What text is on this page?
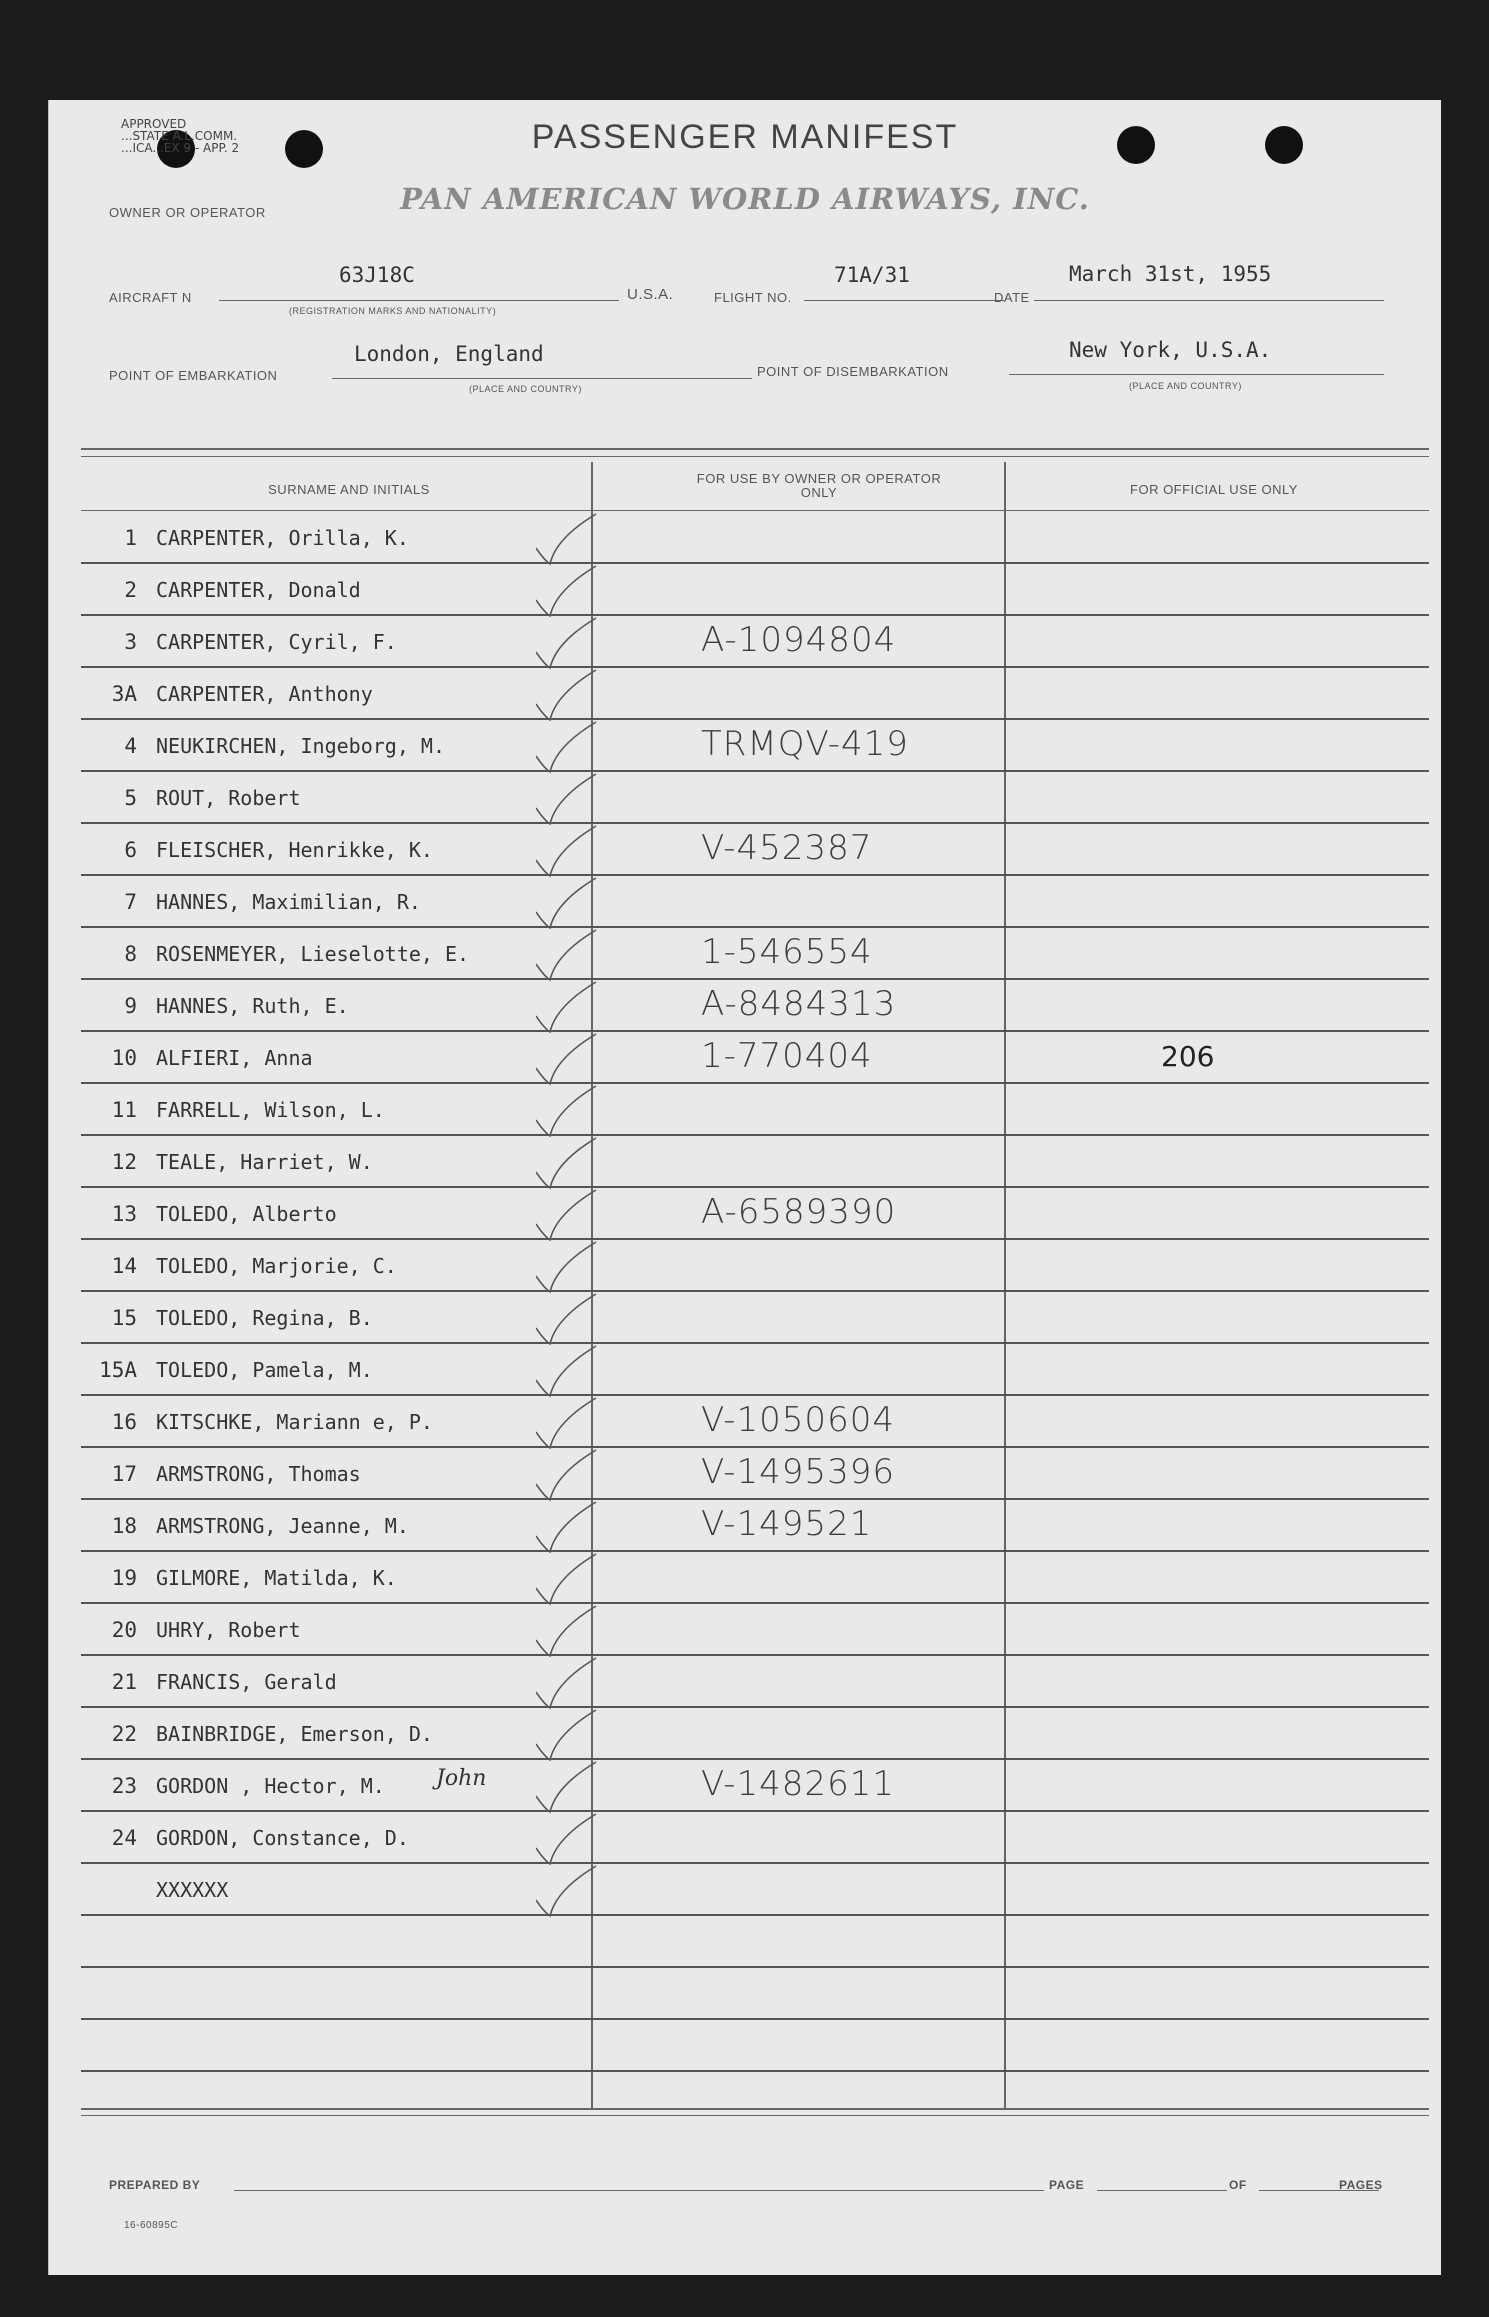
APPROVED
...STATE A.L.COMM.
...ICA...EX 9 - APP. 2	PASSENGER MANIFEST
PAN AMERICAN WORLD AIRWAYS, INC.
OWNER OR OPERATOR
AIRCRAFT N
63J18C
(REGISTRATION MARKS AND NATIONALITY)
U.S.A.	FLIGHT NO.
71A/31
DATE
March 31st, 1955
POINT OF EMBARKATION
London, England
(PLACE AND COUNTRY)
POINT OF DISEMBARKATION
New York, U.S.A.
(PLACE AND COUNTRY)
SURNAME AND INITIALS
FOR USE BY OWNER OR OPERATOR ONLY	FOR OFFICIAL USE ONLY
1 CARPENTER, Orilla, K.
2 CARPENTER, Donald
3 CARPENTER, Cyril, F.	A-1094804
3A CARPENTER, Anthony
4 NEUKIRCHEN, Ingeborg, M.	TRMQV-419
5 ROUT, Robert
6 FLEISCHER, Henrikke, K.	V-452387
7 HANNES, Maximilian, R.
8 ROSENMEYER, Lieselotte, E.	1-546554
9 HANNES, Ruth, E.	A-8484313
10 ALFIERI, Anna	1-770404	206
11 FARRELL, Wilson, L.
12 TEALE, Harriet, W.
13 TOLEDO, Alberto	A-6589390
14 TOLEDO, Marjorie, C.
15 TOLEDO, Regina, B.
15A TOLEDO, Pamela, M.
16 KITSCHKE, Mariann e, P.	V-1050604
17 ARMSTRONG, Thomas	V-1495396
18 ARMSTRONG, Jeanne, M.	V-149521
19 GILMORE, Matilda, K.
20 UHRY, Robert
21 FRANCIS, Gerald
22 BAINBRIDGE, Emerson, D.
23 GORDON , Hector, M. John	V-1482611
24 GORDON, Constance, D.
XXXXXX
PREPARED BY	PAGE	OF	PAGES
16-60895C
